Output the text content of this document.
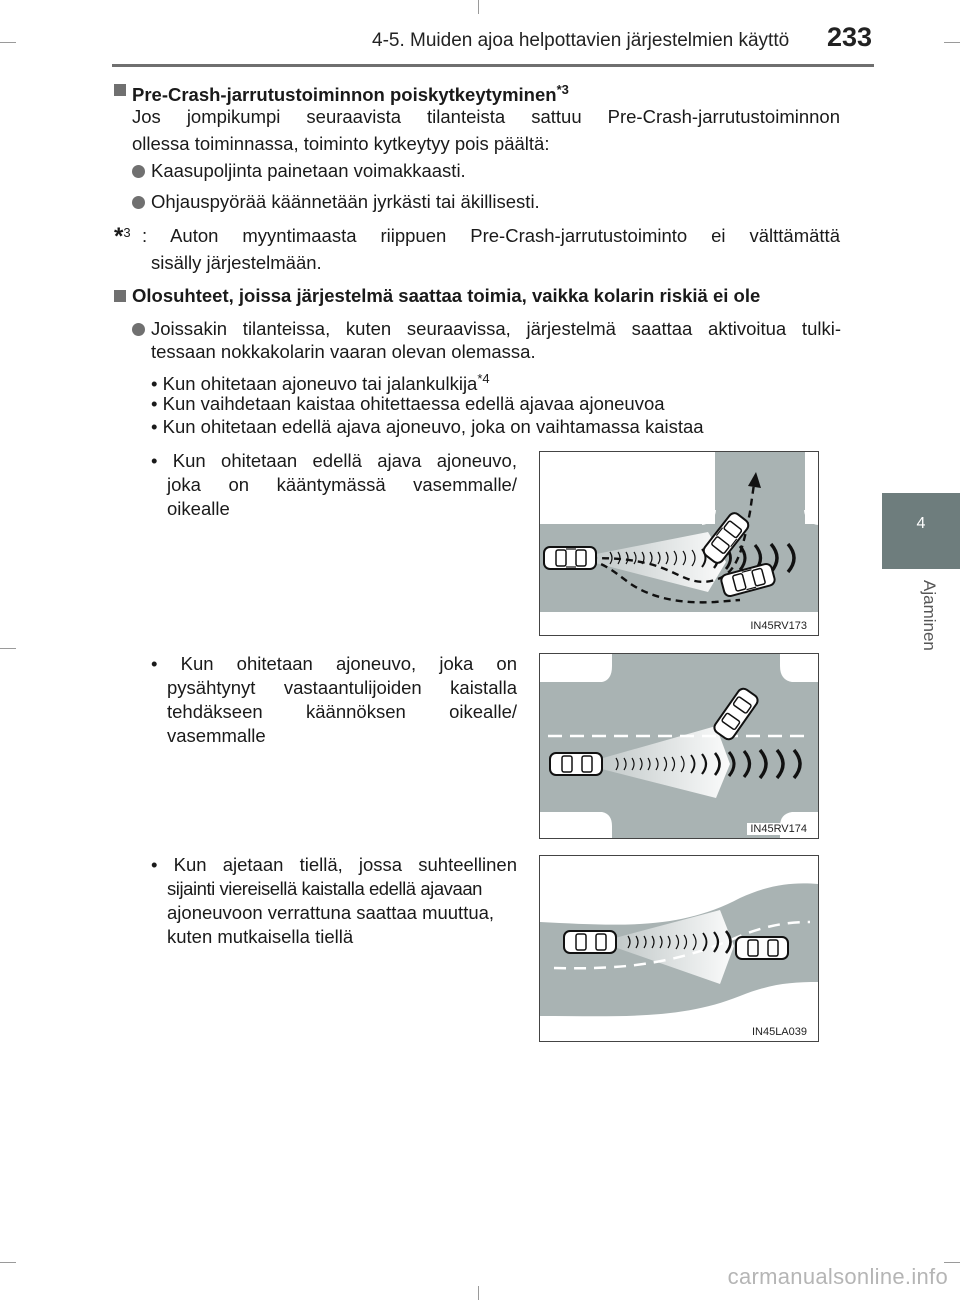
4-5. Muiden ajoa helpottavien järjestelmien käyttö 233
4
Ajaminen
Pre-Crash-jarrutustoiminnon poiskytkeytyminen$^{*3}$
Jos jompikumpi seuraavista tilanteista sattuu Pre-Crash-jarrutustoiminnon
ollessa toiminnassa, toiminto kytkeytyy pois päältä:
Kaasupoljinta painetaan voimakkaasti.
Ohjauspyörää käännetään jyrkästi tai äkillisesti.
*$^3$ : Auton myyntimaasta riippuen Pre-Crash-jarrutustoiminto ei välttämättä
sisälly järjestelmään.
Olosuhteet, joissa järjestelmä saattaa toimia, vaikka kolarin riskiä ei ole
Joissakin tilanteissa, kuten seuraavissa, järjestelmä saattaa aktivoitua tulki-
tessaan nokkakolarin vaaran olevan olemassa.
• Kun ohitetaan ajoneuvo tai jalankulkija$^{*4}$
• Kun vaihdetaan kaistaa ohitettaessa edellä ajavaa ajoneuvoa
• Kun ohitetaan edellä ajava ajoneuvo, joka on vaihtamassa kaistaa
• Kun ohitetaan edellä ajava ajoneuvo,
joka on kääntymässä vasemmalle/
oikealle
IN45RV173
• Kun ohitetaan ajoneuvo, joka on
pysähtynyt vastaantulijoiden kaistalla
tehdäkseen käännöksen oikealle/
vasemmalle
IN45RV174
• Kun ajetaan tiellä, jossa suhteellinen
sijainti viereisellä kaistalla edellä ajavaan
ajoneuvoon verrattuna saattaa muuttua,
kuten mutkaisella tiellä
IN45LA039
carmanualsonline.info
